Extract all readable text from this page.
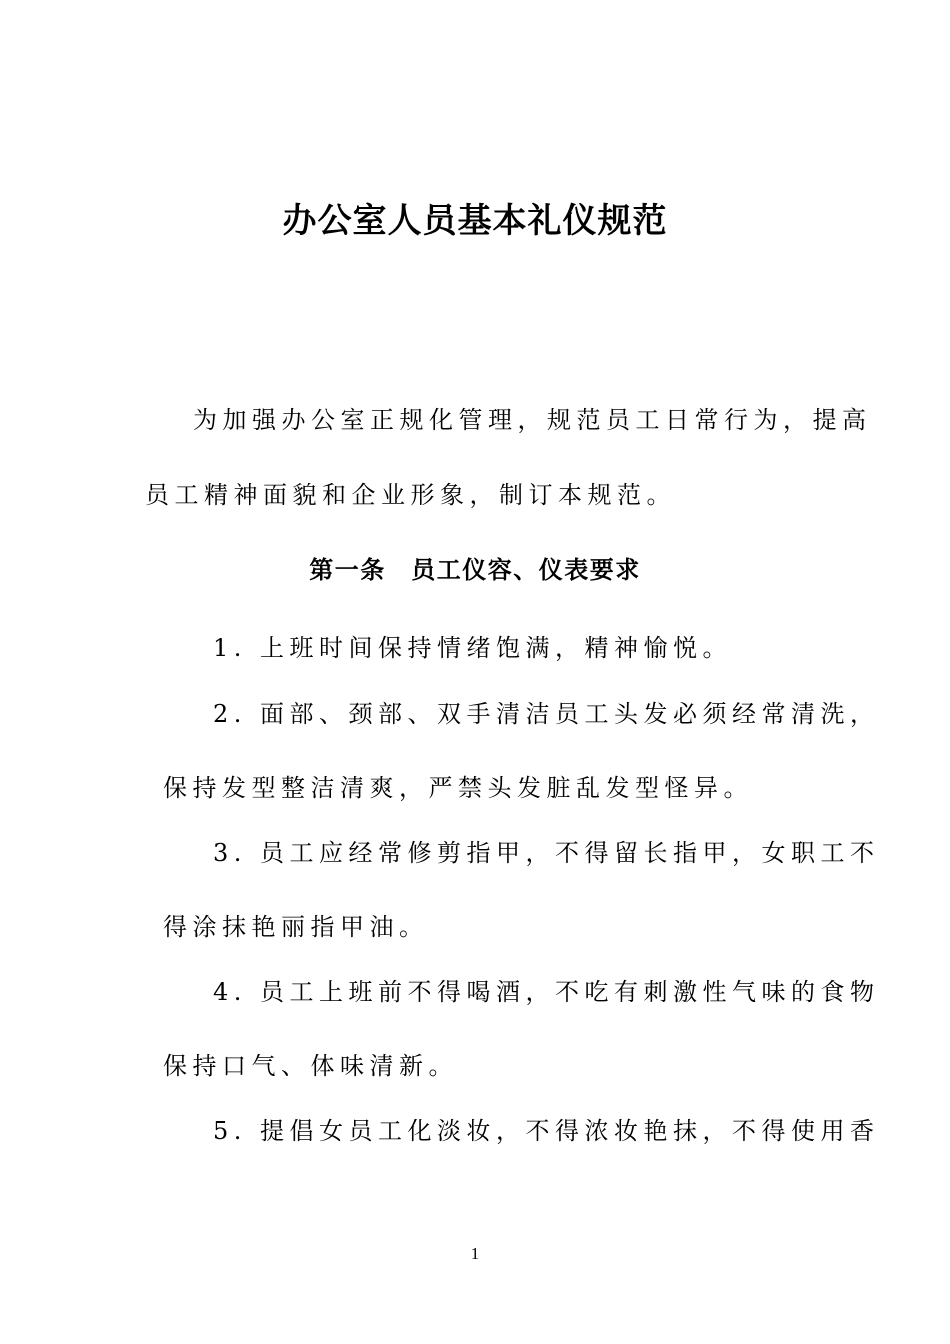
办公室人员基本礼仪规范
为加强办公室正规化管理，规范员工日常行为，提高
员工精神面貌和企业形象，制订本规范。
第一条　员工仪容、仪表要求
1. 上班时间保持情绪饱满，精神愉悦。
2. 面部、颈部、双手清洁员工头发必须经常清洗，
保持发型整洁清爽，严禁头发脏乱发型怪异。
3. 员工应经常修剪指甲，不得留长指甲，女职工不
得涂抹艳丽指甲油。
4. 员工上班前不得喝酒，不吃有刺激性气味的食物
保持口气、体味清新。
5. 提倡女员工化淡妆，不得浓妆艳抹，不得使用香
1
